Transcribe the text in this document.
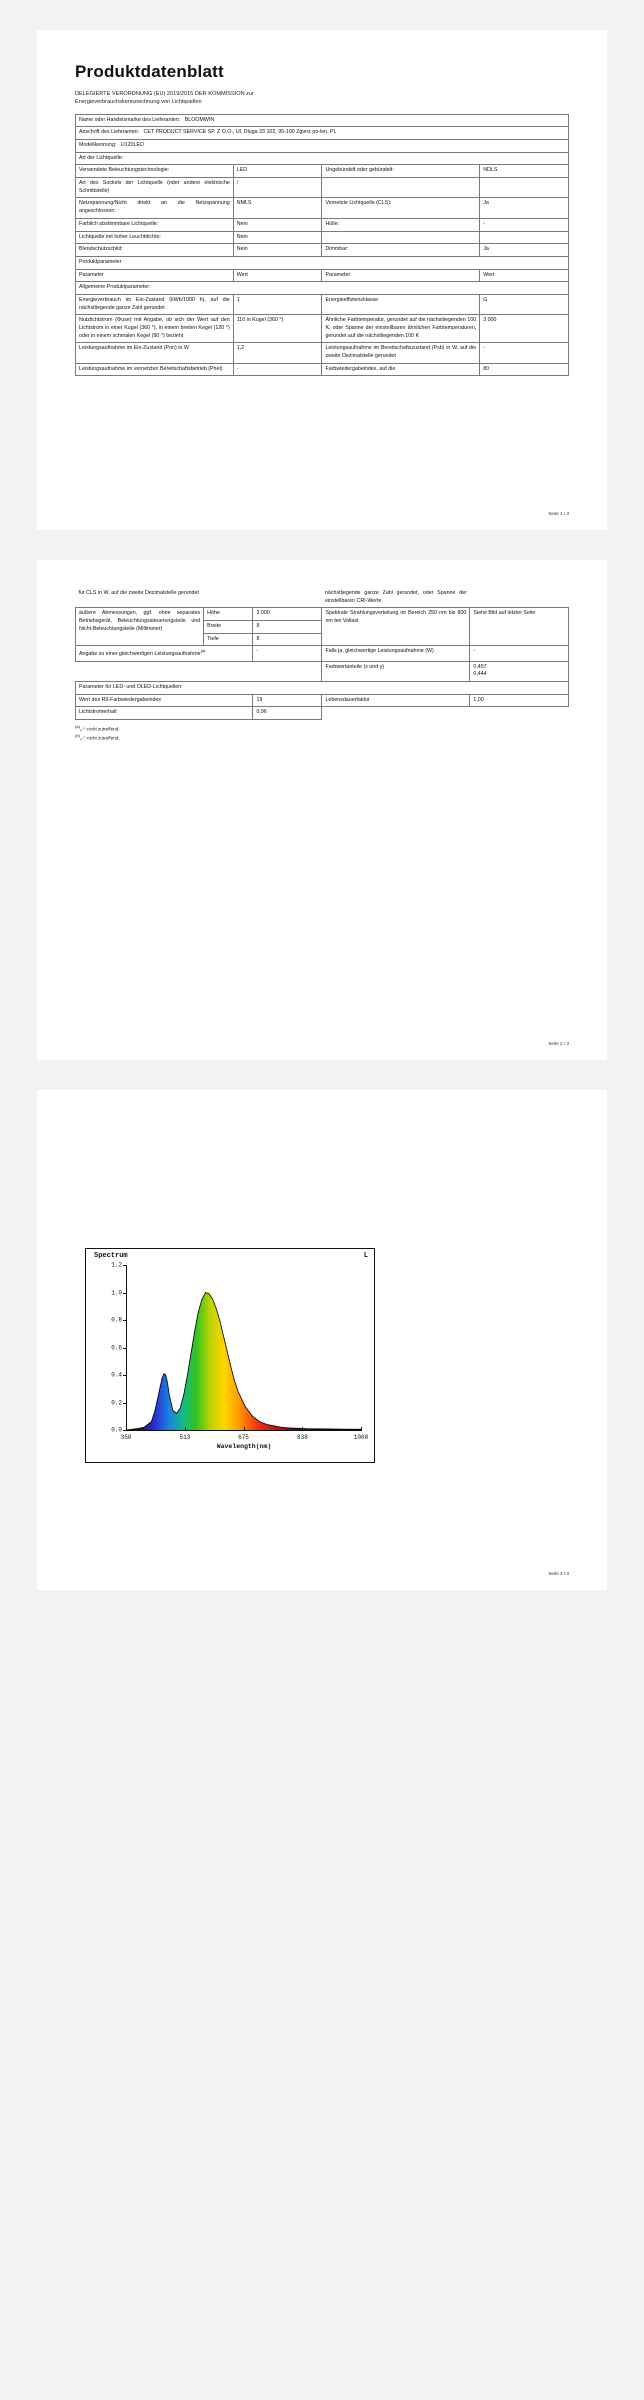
Produktdatenblatt
DELEGIERTE VERORDNUNG (EU) 2019/2015 DER KOMMISSION zur
Energieverbrauchskennzeichnung von Lichtquellen
Name oder Handelsmarke des Lieferanten: BLOOMWIN			
Anschrift des Lieferanten: CET PRODUCT SERVICE SP. Z O.O., Ul. Dluga 33 102, 95-100 Zgierz po-len, PL			
Modellkennung: U120LED			
Art der Lichtquelle:			
Verwendete Beleuchtungstechnologie:	LED	Ungebündelt oder gebündelt:	NDLS
Art des Sockels der Lichtquelle (oder andere elektrische Schnittstelle)	/		
Netzspannung/Nicht direkt an die Netzspannung angeschlossen:	NMLS	Vernetzte Lichtquelle (CLS):	Ja
Farblich abstimmbare Lichtquelle:	Nein	Hülle:	-
Lichtquelle mit hoher Leuchtdichte:	Nein		
Blendschutzschild:	Nein	Dimmbar:	Ja
Produktparameter			
Parameter	Wert	Parameter	Wert
Allgemeine Produktparameter:			
Energieverbrauch im Ein-Zustand (kWh/1000 h), auf die nächstliegende ganze Zahl gerundet	1	Energieeffizienzklasse	G
Nutzlichtstrom (Φuse) mit Angabe, ob sich der Wert auf den Lichtstrom in einer Kugel (360 °), in einem breiten Kegel (120 °) oder in einem schmalen Kegel (90 °) bezieht	110 in Kugel (360 °)	Ähnliche Farbtemperatur, gerundet auf die nächstliegenden 100 K, oder Spanne der einstellbaren ähnlichen Farbtemperaturen, gerundet auf die nächstliegenden 100 K	3 000
Leistungsaufnahme im Ein-Zustand (Pon) in W	1,2	Leistungsaufnahme im Bereitschaftszustand (Psb) in W, auf die zweite Dezimalstelle gerundet	-
Leistungsaufnahme im vernetzten Bereitschaftsbetrieb (Pnet)	-	Farbwiedergabeindex, auf die	80
Seite 1 / 3
für CLS in W, auf die zweite Dezimalstelle gerundet			nächstliegende ganze Zahl gerundet, oder Spanne der einstellbaren CRI-Werte	
äußere Abmessungen, ggf. ohne separates Betriebsgerät, Beleuchtungssteuerungsteile und Nicht-Beleuchtungsteile (Millimeter)	Höhe	3 000	Spektrale Strahlungsverteilung im Bereich 250 nm bis 800 nm bei Vollast	Siehe Bild auf letzter Seite
	Breite	8		
	Tiefe	8		
Angabe zu einer gleichwertigen Leistungsaufnahme$^{(a)}$		-	Falls ja, gleichwertige Leistungsaufnahme (W)	-
			Farbwertanteile (x und y)	0,457
0,444

Parameter für LED- und OLED-Lichtquellen:				
Wert des R9-Farbwiedergabeindex		19	Lebensdauerfaktor	1,00
Lichtstromerhalt		0,96		
$^{(a)}$„-“: nicht zutreffend;
$^{(b)}$„-“: nicht zutreffend;
Seite 2 / 3
Spectrum	L
0.0
0.2
0.4
0.6
0.8
1.0
1.2
350	513	675	838	1000
Wavelength(nm)
Seite 3 / 3
